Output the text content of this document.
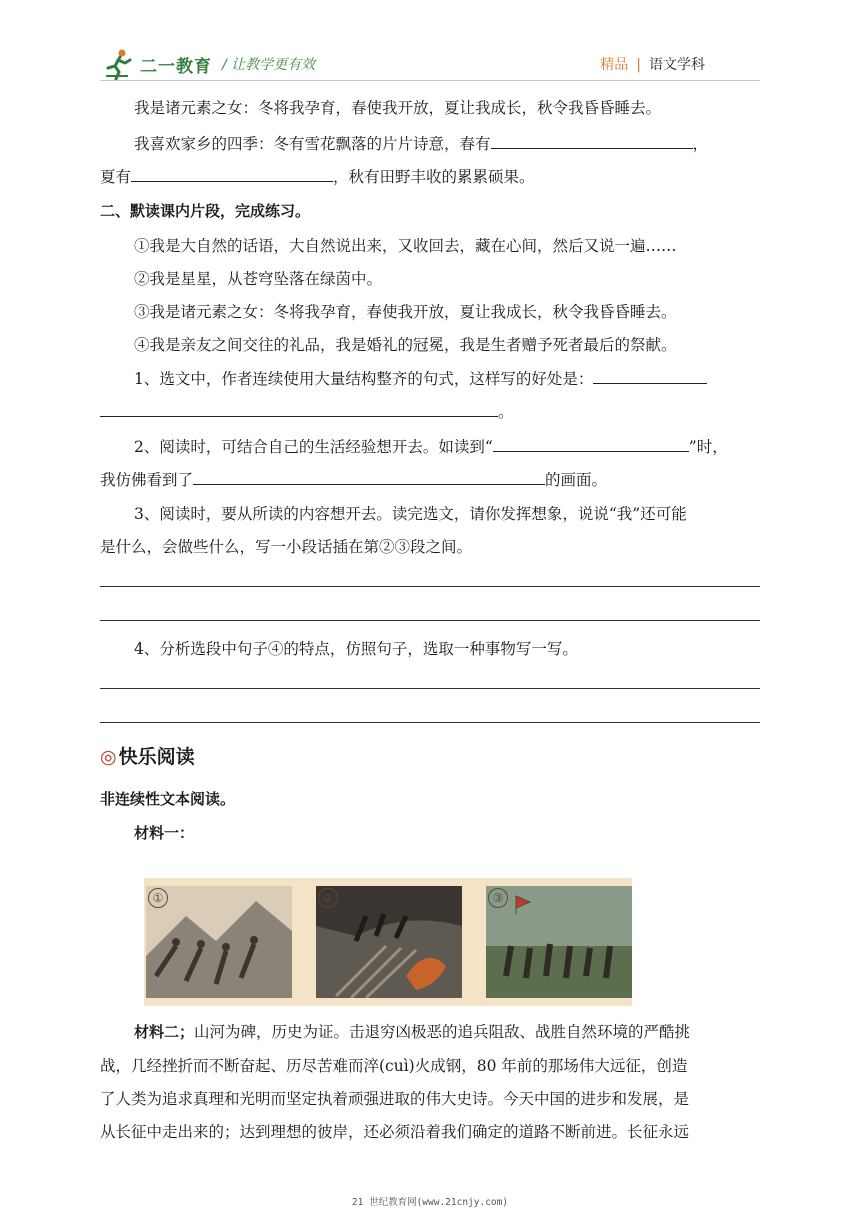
二一教育 / 让教学更有效	精品 | 语文学科
我是诸元素之女：冬将我孕育，春使我开放，夏让我成长，秋令我昏昏睡去。
我喜欢家乡的四季：冬有雪花飘落的片片诗意，春有	，
夏有	，秋有田野丰收的累累硕果。
二、默读课内片段，完成练习。
①我是大自然的话语，大自然说出来，又收回去，藏在心间，然后又说一遍……
②我是星星，从苍穹坠落在绿茵中。
③我是诸元素之女：冬将我孕育，春使我开放，夏让我成长，秋令我昏昏睡去。
④我是亲友之间交往的礼品，我是婚礼的冠冕，我是生者赠予死者最后的祭献。
1、选文中，作者连续使用大量结构整齐的句式，这样写的好处是：
。
2、阅读时，可结合自己的生活经验想开去。如读到“	”时，
我仿佛看到了	的画面。
3、阅读时，要从所读的内容想开去。读完选文，请你发挥想象，说说“我”还可能
是什么，会做些什么，写一小段话插在第②③段之间。
4、分析选段中句子④的特点，仿照句子，选取一种事物写一写。
◎ 快乐阅读
非连续性文本阅读。
材料一：
材料二；山河为碑，历史为证。击退穷凶极恶的追兵阻敌、战胜自然环境的严酷挑
战，几经挫折而不断奋起、历尽苦难而淬(cuì)火成钢，80 年前的那场伟大远征，创造
了人类为追求真理和光明而坚定执着顽强进取的伟大史诗。今天中国的进步和发展，是
从长征中走出来的；达到理想的彼岸，还必须沿着我们确定的道路不断前进。长征永远
①	②	③
21 世纪教育网(www.21cnjy.com)
